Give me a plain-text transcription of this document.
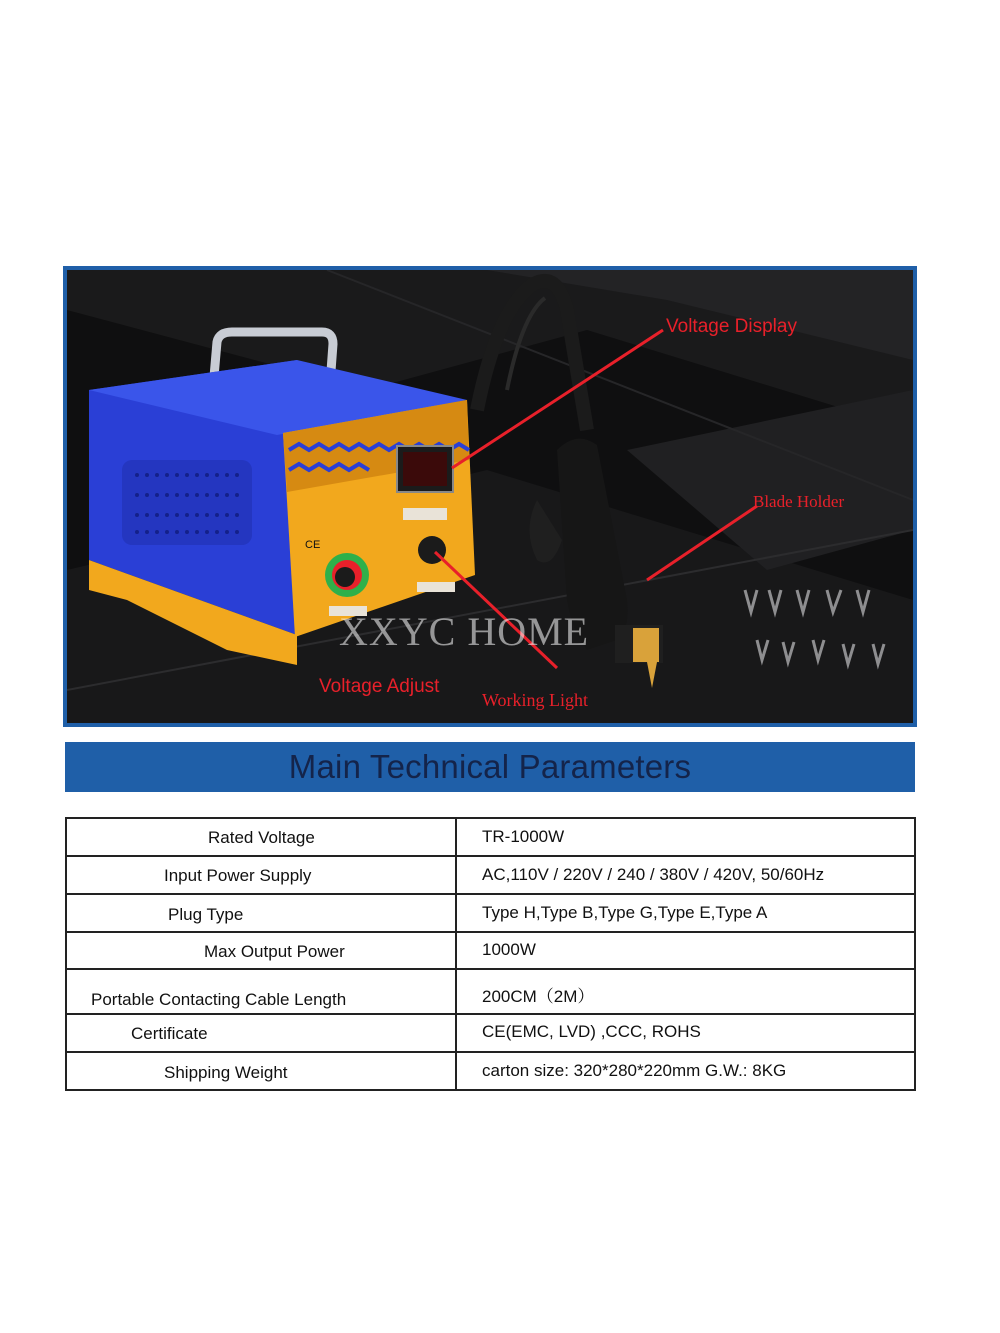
CE
Voltage Display
Blade Holder
Voltage Adjust
Working Light
XXYC HOME
Main Technical Parameters
Rated Voltage	TR-1000W

Input Power Supply	AC,110V / 220V / 240 / 380V / 420V, 50/60Hz

Plug Type	Type H,Type B,Type G,Type E,Type A

Max Output Power	1000W

Portable Contacting Cable Length	200CM（2M）

Certificate	CE(EMC, LVD) ,CCC, ROHS

Shipping Weight	carton size: 320*280*220mm G.W.: 8KG
